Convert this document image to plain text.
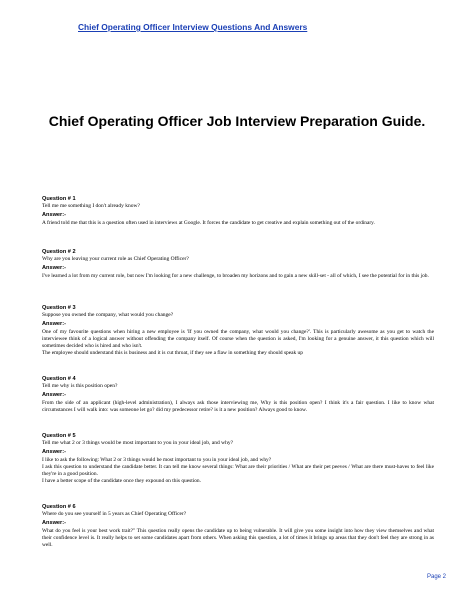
Chief Operating Officer Interview Questions And Answers
Chief Operating Officer Job Interview Preparation Guide.
Question # 1
Tell me me something I don't already know?
Answer:-

A friend told me that this is a question often used in interviews at Google. It forces the candidate to get creative and explain something out of the ordinary.

Question # 2
Why are you leaving your current role as Chief Operating Officer?
Answer:-

I've learned a lot from my current role, but now I'm looking for a new challenge, to broaden my horizons and to gain a new skill-set - all of which, I see the potential for in this job.

Question # 3
Suppose you owned the company, what would you change?
Answer:-

One of my favourite questions when hiring a new employee is 'If you owned the company, what would you change?'. This is particularly awesome as you get to watch the interviewee think of a logical answer without offending the company itself. Of course when the question is asked, I'm looking for a genuine answer, it this question which will sometimes decided who is hired and who isn't.

The employee should understand this is business and it is cut throat, if they see a flaw in something they should speak up

Question # 4
Tell me why is this position open?
Answer:-

From the side of an applicant (high-level administration), I always ask those interviewing me, Why is this position open? I think it's a fair question. I like to know what circumstances I will walk into: was someone let go? did my predecessor retire? is it a new position? Always good to know.

Question # 5
Tell me what 2 or 3 things would be most important to you in your ideal job, and why?
Answer:-

I like to ask the following: What 2 or 3 things would be most important to you in your ideal job, and why?

I ask this question to understand the candidate better. It can tell me know several things: What are their priorities / What are their pet peeves / What are there must-haves to feel like they're in a good position.

I have a better scope of the candidate once they expound on this question.

Question # 6
Where do you see yourself in 5 years as Chief Operating Officer?
Answer:-

What do you feel is your best work trait?" This question really opens the candidate up to being vulnerable. It will give you some insight into how they view themselves and what their confidence level is. It really helps to set some candidates apart from others. When asking this question, a lot of times it brings up areas that they don't feel they are strong in as well.

Page 2
